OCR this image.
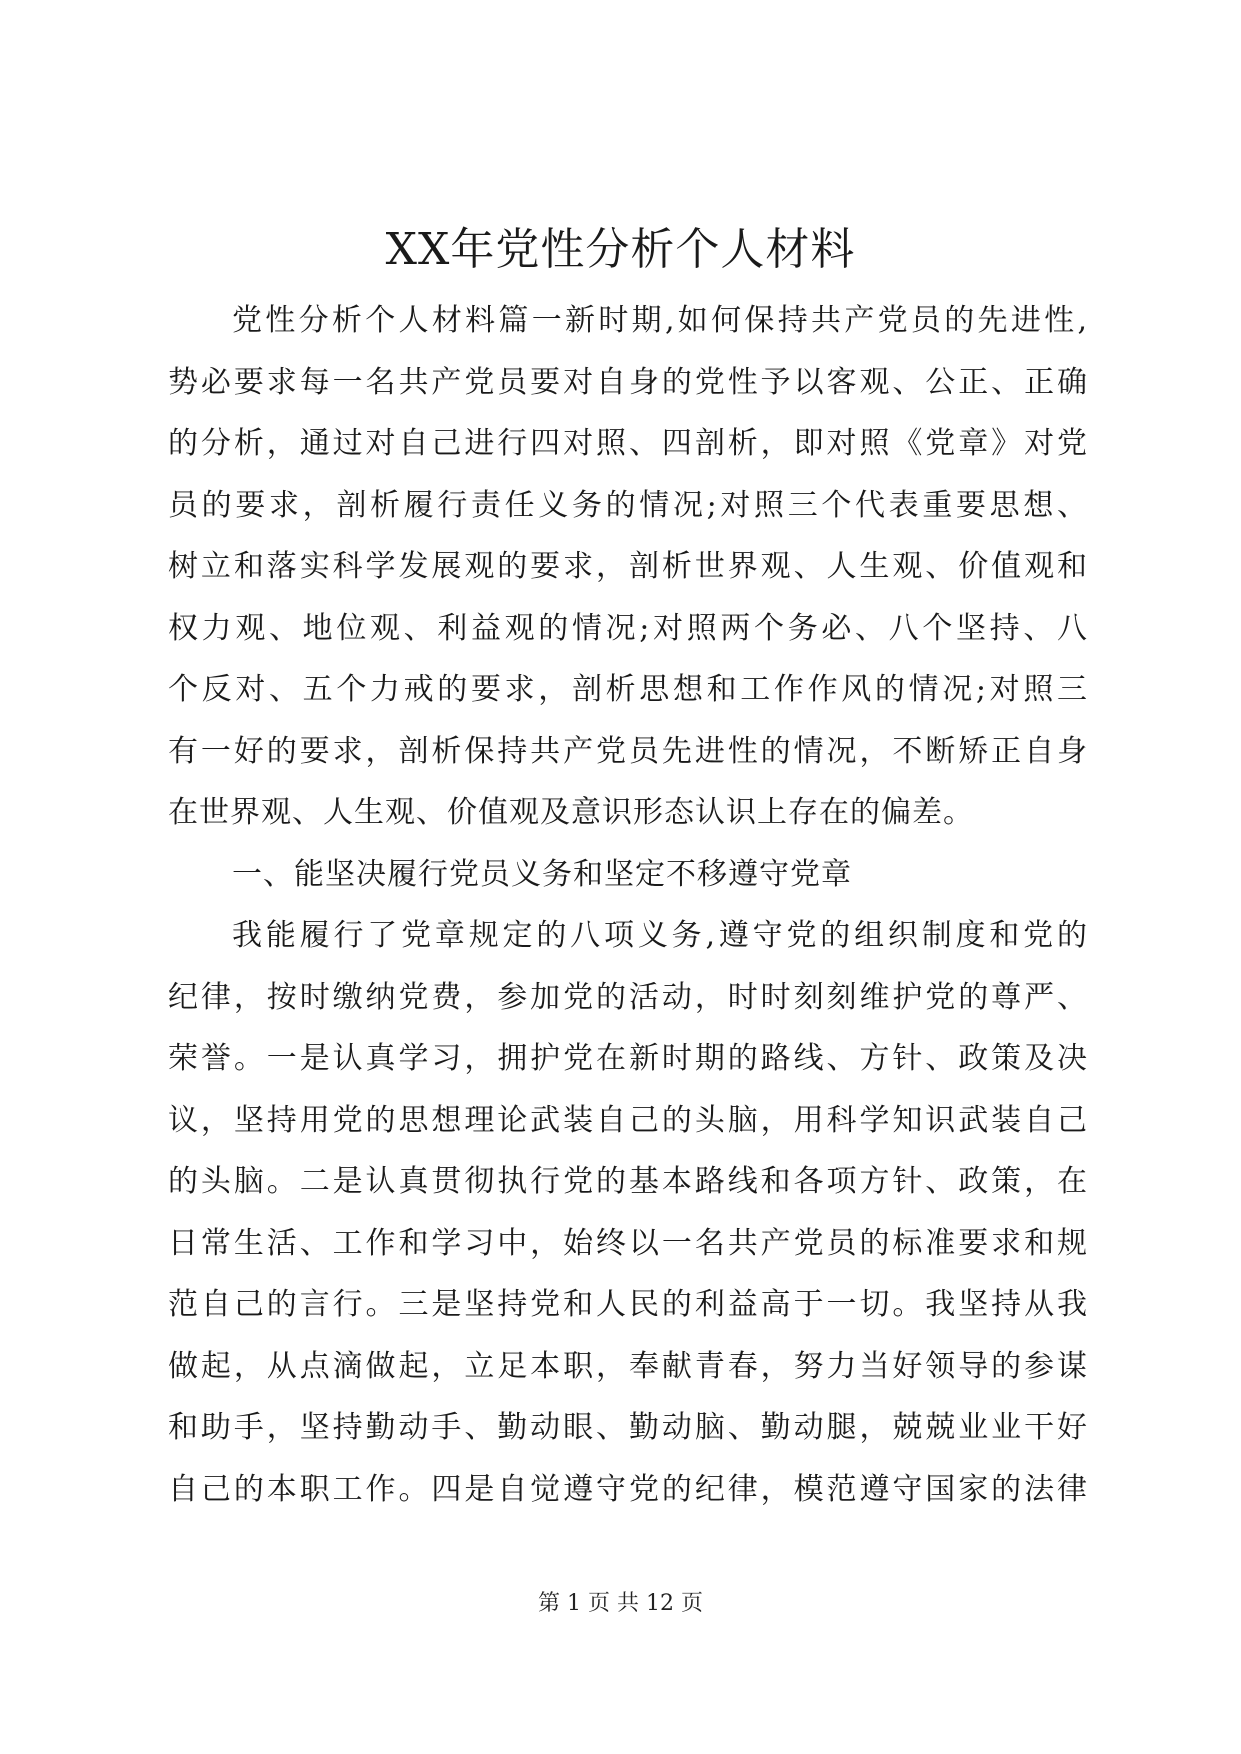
XX年党性分析个人材料
党性分析个人材料篇一新时期,如何保持共产党员的先进性,
势必要求每一名共产党员要对自身的党性予以客观、公正、正确
的分析，通过对自己进行四对照、四剖析，即对照《党章》对党
员的要求，剖析履行责任义务的情况;对照三个代表重要思想、
树立和落实科学发展观的要求，剖析世界观、人生观、价值观和
权力观、地位观、利益观的情况;对照两个务必、八个坚持、八
个反对、五个力戒的要求，剖析思想和工作作风的情况;对照三
有一好的要求，剖析保持共产党员先进性的情况，不断矫正自身
在世界观、人生观、价值观及意识形态认识上存在的偏差。
一、能坚决履行党员义务和坚定不移遵守党章
我能履行了党章规定的八项义务,遵守党的组织制度和党的
纪律，按时缴纳党费，参加党的活动，时时刻刻维护党的尊严、
荣誉。一是认真学习，拥护党在新时期的路线、方针、政策及决
议，坚持用党的思想理论武装自己的头脑，用科学知识武装自己
的头脑。二是认真贯彻执行党的基本路线和各项方针、政策，在
日常生活、工作和学习中，始终以一名共产党员的标准要求和规
范自己的言行。三是坚持党和人民的利益高于一切。我坚持从我
做起，从点滴做起，立足本职，奉献青春，努力当好领导的参谋
和助手，坚持勤动手、勤动眼、勤动脑、勤动腿，兢兢业业干好
自己的本职工作。四是自觉遵守党的纪律，模范遵守国家的法律
第 1 页 共 12 页
